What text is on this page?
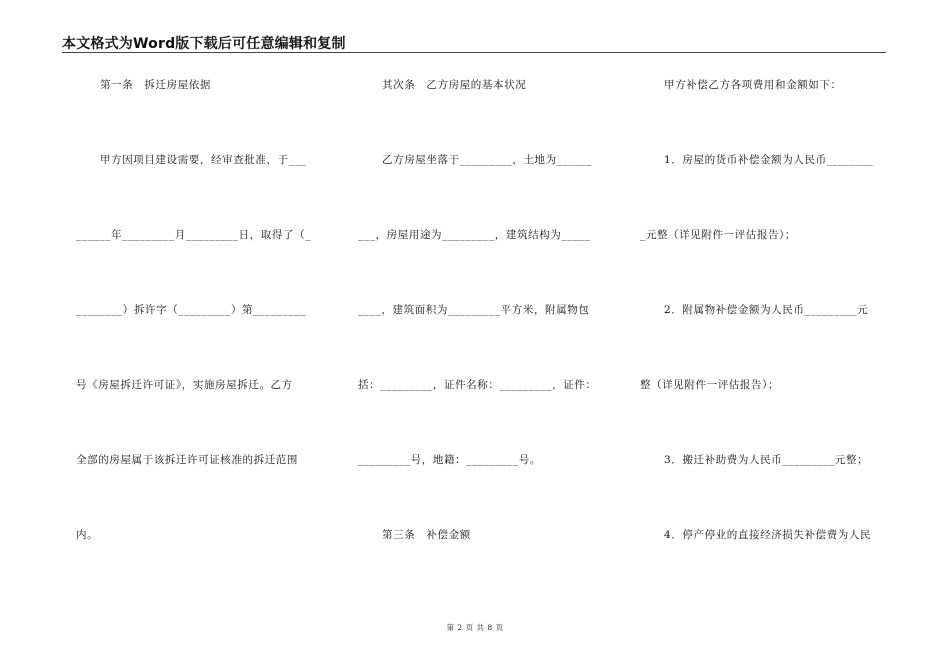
本文格式为Word版下载后可任意编辑和复制
第一条　拆迁房屋依据
甲方因项目建设需要，经审查批准，于___
______年_________月_________日，取得了（_
________）拆许字（_________）第_________
号《房屋拆迁许可证》，实施房屋拆迁。乙方
全部的房屋属于该拆迁许可证核准的拆迁范围
内。
其次条　乙方房屋的基本状况
乙方房屋坐落于_________，土地为______
___，房屋用途为_________，建筑结构为_____
____，建筑面积为_________平方米，附属物包
括：_________，证件名称：_________，证件：
_________号，地籍：_________号。
第三条　补偿金额
甲方补偿乙方各项费用和金额如下：
1．房屋的货币补偿金额为人民币________
_元整（详见附件一评估报告）；
2．附属物补偿金额为人民币_________元
整（详见附件一评估报告）；
3．搬迁补助费为人民币_________元整；
4．停产停业的直接经济损失补偿费为人民
第 2 页 共 8 页
